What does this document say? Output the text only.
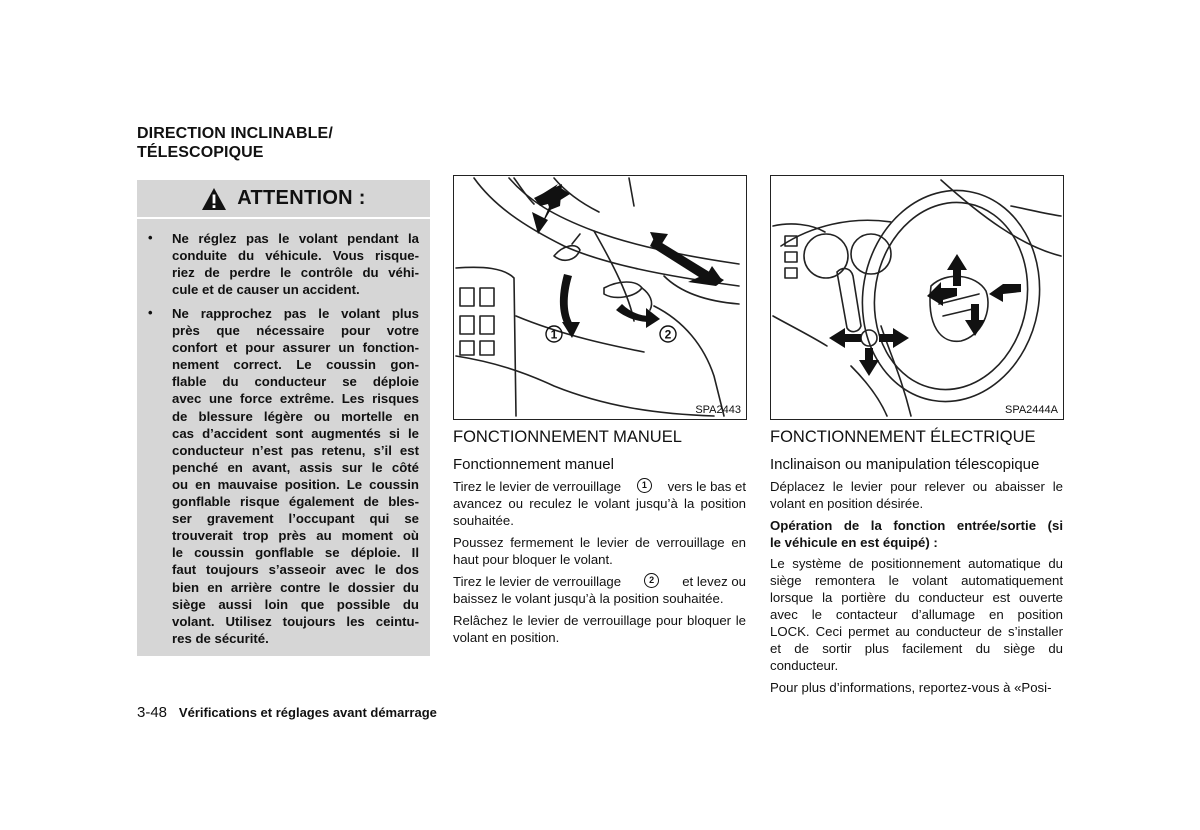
DIRECTION INCLINABLE/
TÉLESCOPIQUE
ATTENTION :
• Ne réglez pas le volant pendant la
conduite du véhicule. Vous risque-
riez de perdre le contrôle du véhi-
cule et de causer un accident.
• Ne rapprochez pas le volant plus
près que nécessaire pour votre
confort et pour assurer un fonction-
nement correct. Le coussin gon-
flable du conducteur se déploie
avec une force extrême. Les risques
de blessure légère ou mortelle en
cas d’accident sont augmentés si le
conducteur n’est pas retenu, s’il est
penché en avant, assis sur le côté
ou en mauvaise position. Le coussin
gonflable risque également de bles-
ser gravement l’occupant qui se
trouverait trop près au moment où
le coussin gonflable se déploie. Il
faut toujours s’asseoir avec le dos
bien en arrière contre le dossier du
siège aussi loin que possible du
volant. Utilisez toujours les ceintu-
res de sécurité.
1	2
SPA2443	SPA2444A
FONCTIONNEMENT MANUEL
Fonctionnement manuel
Tirez le levier de verrouillage	1	vers le bas et
avancez ou reculez le volant jusqu’à la position
souhaitée.
Poussez fermement le levier de verrouillage en
haut pour bloquer le volant.
Tirez le levier de verrouillage	2	et levez ou
baissez le volant jusqu’à la position souhaitée.
Relâchez le levier de verrouillage pour bloquer le
volant en position.
FONCTIONNEMENT ÉLECTRIQUE
Inclinaison ou manipulation télescopique
Déplacez le levier pour relever ou abaisser le
volant en position désirée.
Opération de la fonction entrée/sortie (si
le véhicule en est équipé) :
Le système de positionnement automatique du
siège remontera le volant automatiquement
lorsque la portière du conducteur est ouverte
avec le contacteur d’allumage en position
LOCK. Ceci permet au conducteur de s’installer
et de sortir plus facilement du siège du
conducteur.
Pour plus d’informations, reportez-vous à «Posi-
3-48 Vérifications et réglages avant démarrage
